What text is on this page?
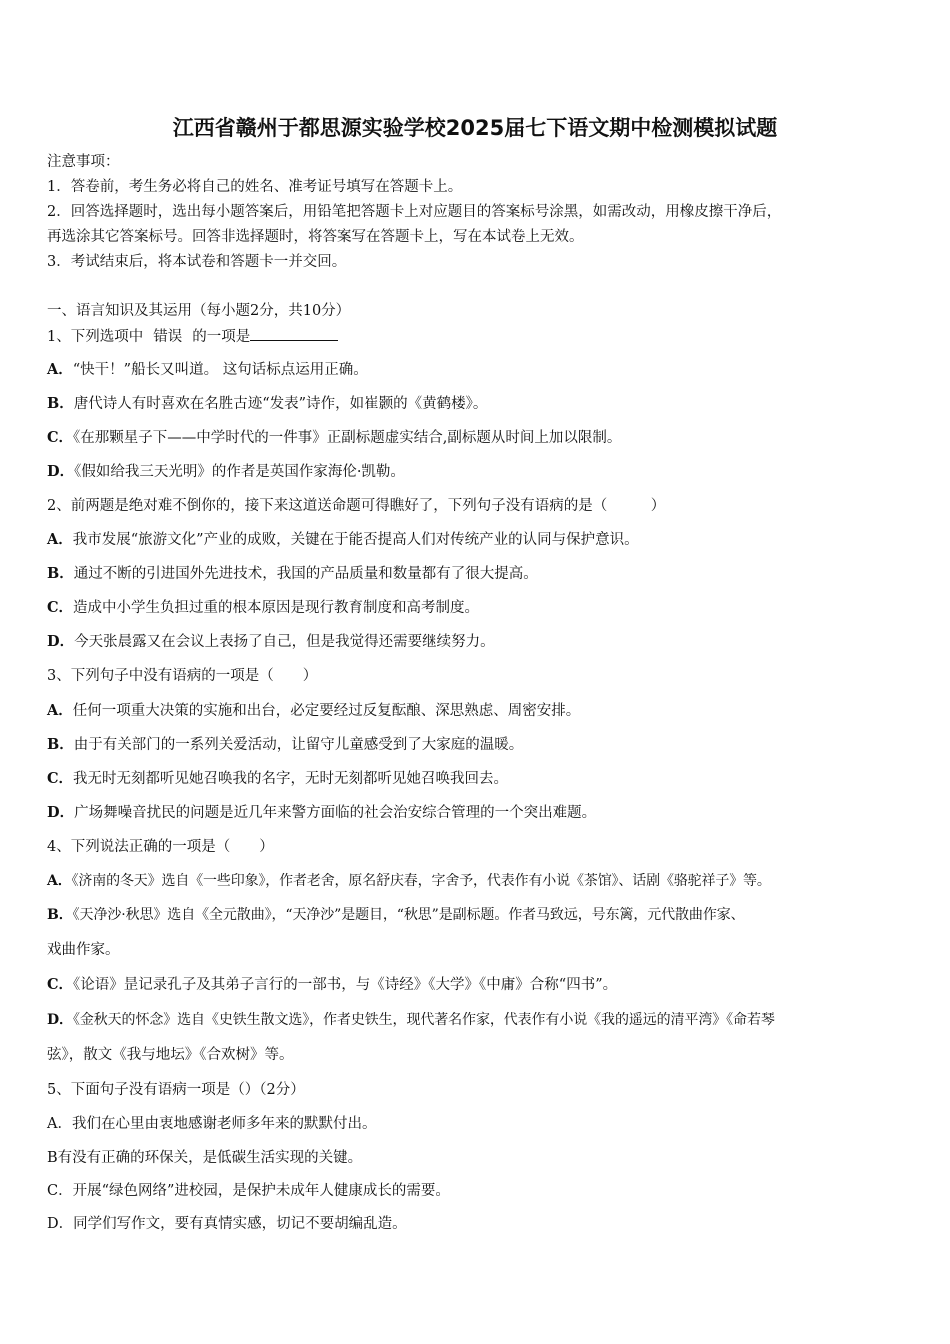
江西省赣州于都思源实验学校2025届七下语文期中检测模拟试题
注意事项：
1．答卷前，考生务必将自己的姓名、准考证号填写在答题卡上。
2．回答选择题时，选出每小题答案后，用铅笔把答题卡上对应题目的答案标号涂黑，如需改动，用橡皮擦干净后，
再选涂其它答案标号。回答非选择题时，将答案写在答题卡上，写在本试卷上无效。
3．考试结束后，将本试卷和答题卡一并交回。
一、语言知识及其运用（每小题2分，共10分）
1、下列选项中 错误 的一项是
A．“快干！”船长又叫道。 这句话标点运用正确。
B．唐代诗人有时喜欢在名胜古迹“发表”诗作，如崔颢的《黄鹤楼》。
C．《在那颗星子下——中学时代的一件事》正副标题虚实结合,副标题从时间上加以限制。
D．《假如给我三天光明》的作者是英国作家海伦·凯勒。
2、前两题是绝对难不倒你的，接下来这道送命题可得瞧好了，下列句子没有语病的是（　　　）
A．我市发展“旅游文化”产业的成败，关键在于能否提高人们对传统产业的认同与保护意识。
B．通过不断的引进国外先进技术，我国的产品质量和数量都有了很大提高。
C．造成中小学生负担过重的根本原因是现行教育制度和高考制度。
D．今天张晨露又在会议上表扬了自己，但是我觉得还需要继续努力。
3、下列句子中没有语病的一项是（　　）
A．任何一项重大决策的实施和出台，必定要经过反复酝酿、深思熟虑、周密安排。
B．由于有关部门的一系列关爱活动，让留守儿童感受到了大家庭的温暖。
C．我无时无刻都听见她召唤我的名字，无时无刻都听见她召唤我回去。
D．广场舞噪音扰民的问题是近几年来警方面临的社会治安综合管理的一个突出难题。
4、下列说法正确的一项是（　　）
A．《济南的冬天》选自《一些印象》，作者老舍，原名舒庆春，字舍予，代表作有小说《茶馆》、话剧《骆驼祥子》等。
B．《天净沙·秋思》选自《全元散曲》，“天净沙”是题目，“秋思”是副标题。作者马致远，号东篱，元代散曲作家、
戏曲作家。
C．《论语》昰记录孔子及其弟子言行的一部书，与《诗经》《大学》《中庸》合称“四书”。
D．《金秋天的怀念》选自《史铁生散文选》，作者史铁生，现代著名作家，代表作有小说《我的遥远的清平湾》《命若琴
弦》，散文《我与地坛》《合欢树》等。
5、下面句子没有语病一项是（）（2分）
A．我们在心里由衷地感谢老师多年来的默默付出。
B有没有正确的环保关，是低碳生活实现的关键。
C．开展“绿色网络”进校园，是保护未成年人健康成长的需要。
D．同学们写作文，要有真情实感，切记不要胡编乱造。
